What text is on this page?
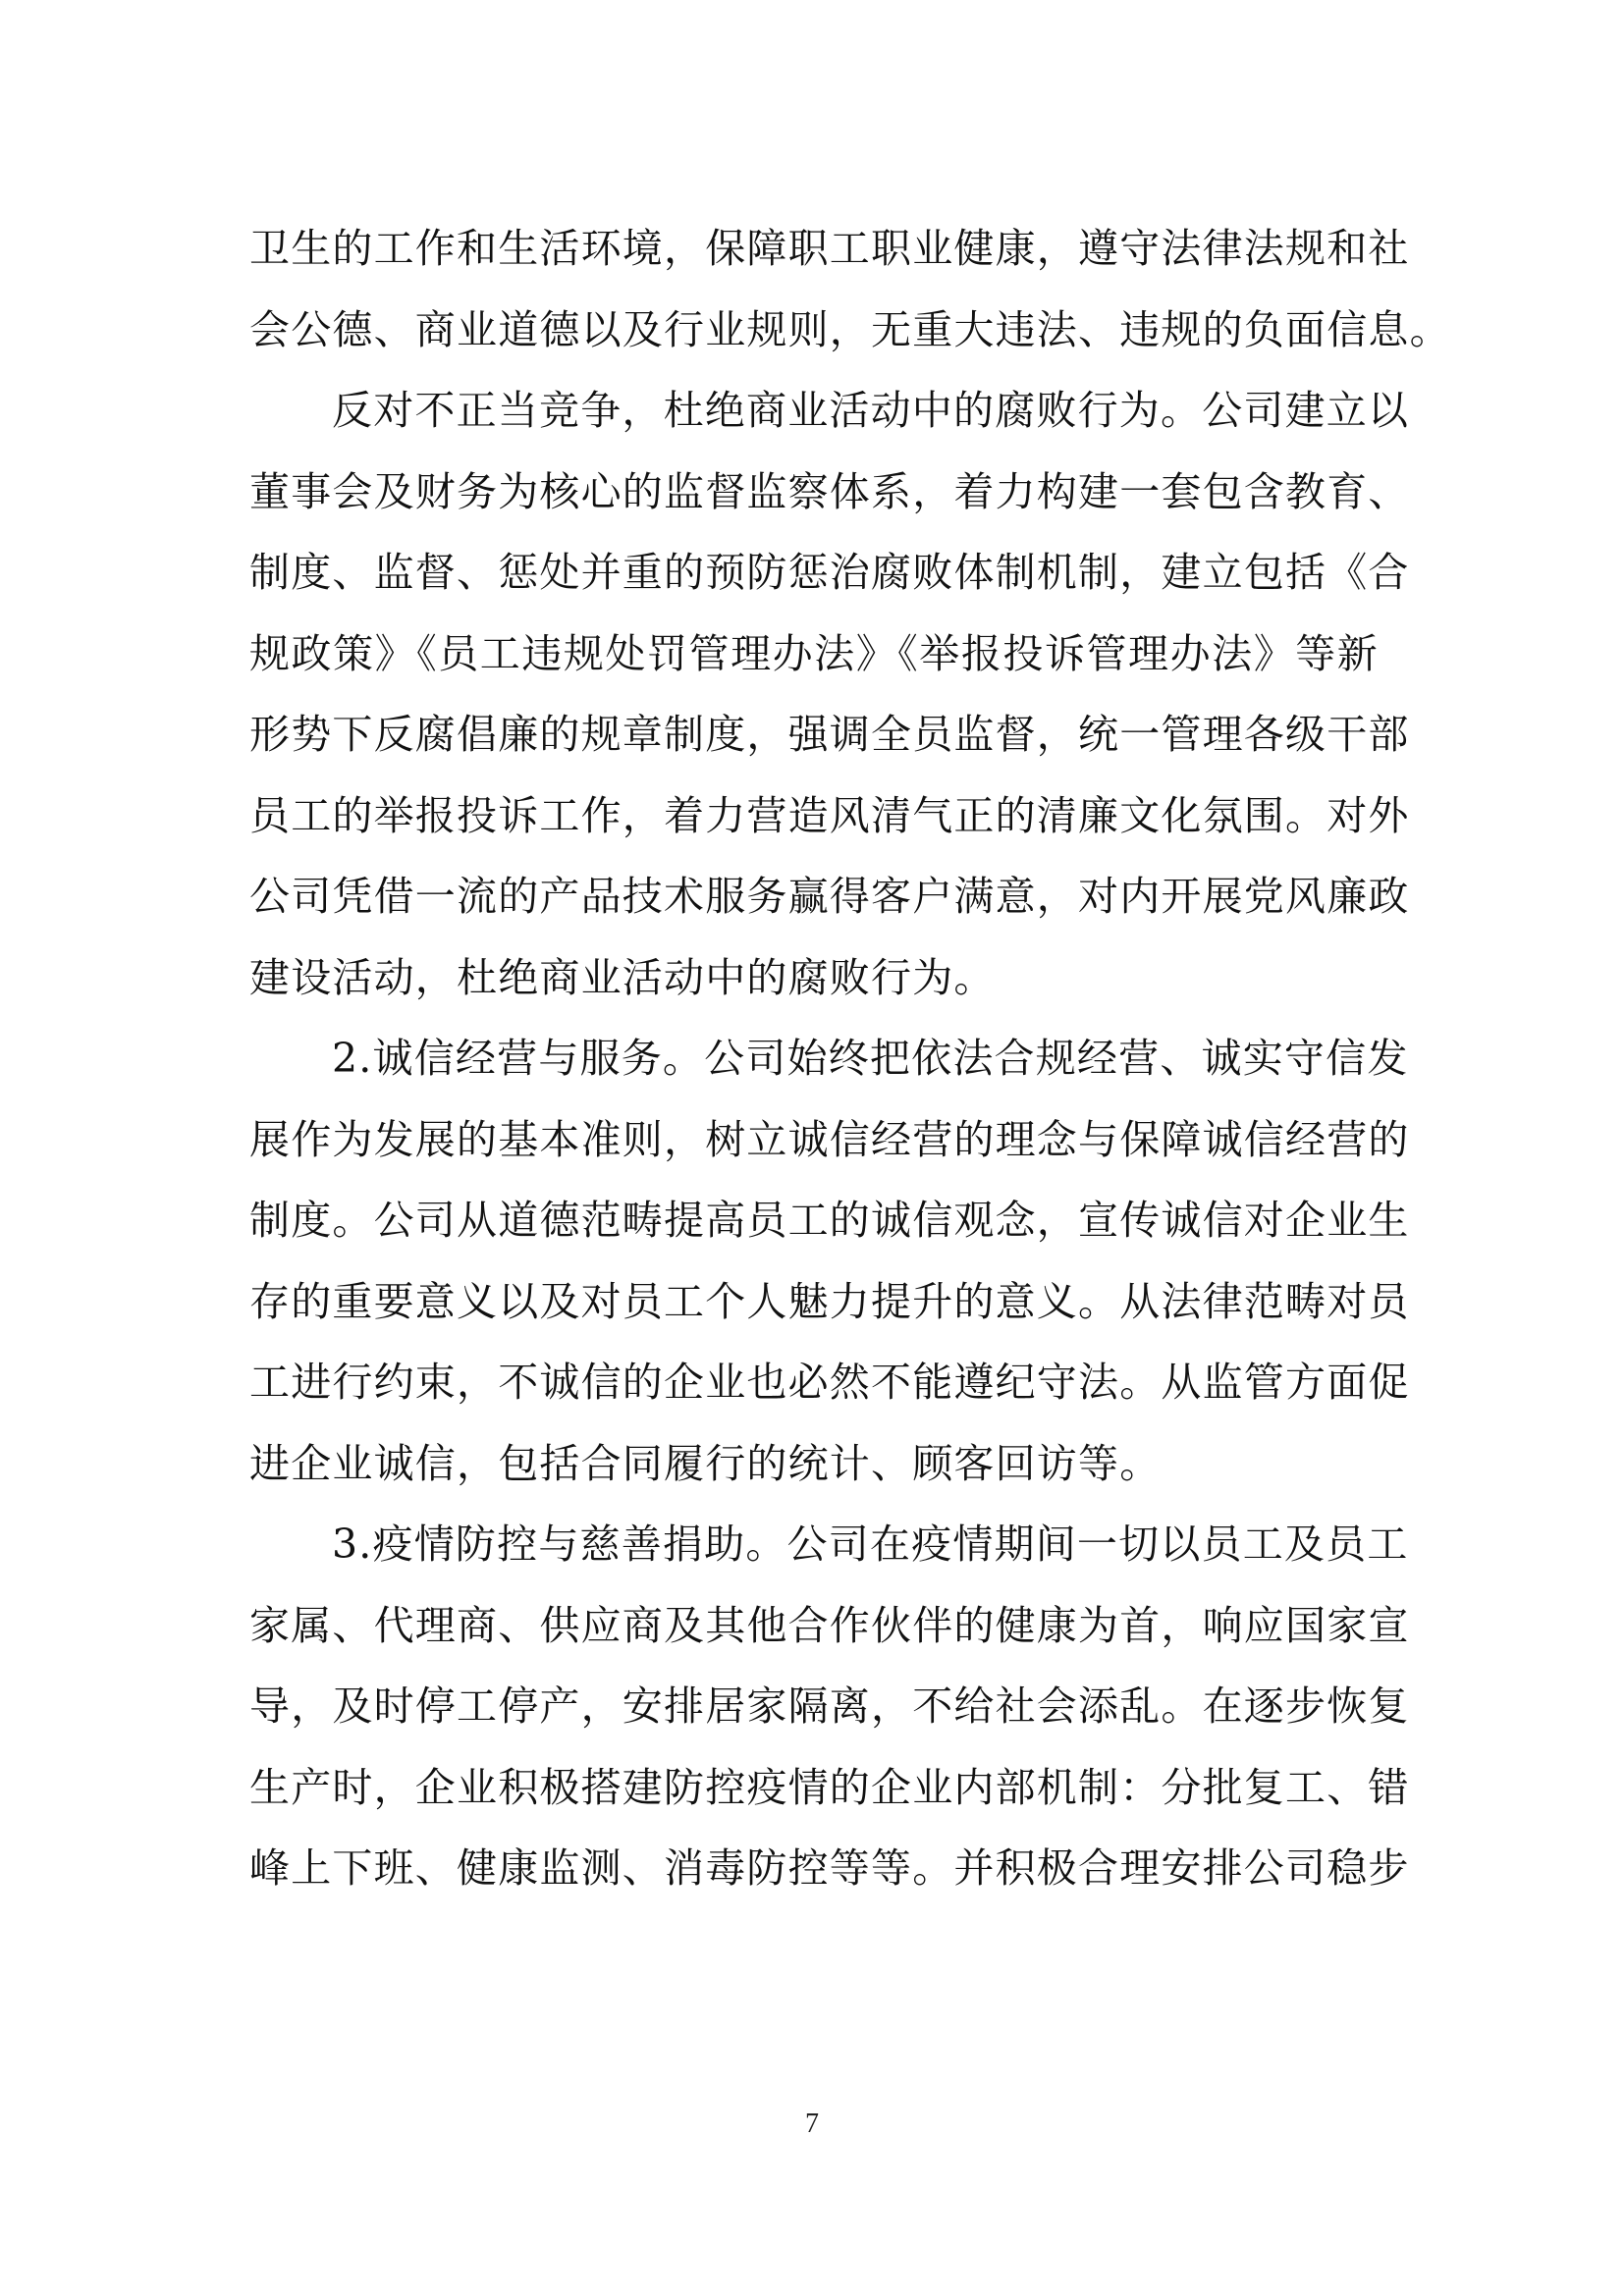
卫生的工作和生活环境，保障职工职业健康，遵守法律法规和社
会公德、商业道德以及行业规则，无重大违法、违规的负面信息。
反对不正当竞争，杜绝商业活动中的腐败行为。公司建立以
董事会及财务为核心的监督监察体系，着力构建一套包含教育、
制度、监督、惩处并重的预防惩治腐败体制机制，建立包括《合
规政策》《员工违规处罚管理办法》《举报投诉管理办法》等新
形势下反腐倡廉的规章制度，强调全员监督，统一管理各级干部
员工的举报投诉工作，着力营造风清气正的清廉文化氛围。对外
公司凭借一流的产品技术服务赢得客户满意，对内开展党风廉政
建设活动，杜绝商业活动中的腐败行为。
2.诚信经营与服务。公司始终把依法合规经营、诚实守信发
展作为发展的基本准则，树立诚信经营的理念与保障诚信经营的
制度。公司从道德范畴提高员工的诚信观念，宣传诚信对企业生
存的重要意义以及对员工个人魅力提升的意义。从法律范畴对员
工进行约束，不诚信的企业也必然不能遵纪守法。从监管方面促
进企业诚信，包括合同履行的统计、顾客回访等。
3.疫情防控与慈善捐助。公司在疫情期间一切以员工及员工
家属、代理商、供应商及其他合作伙伴的健康为首，响应国家宣
导，及时停工停产，安排居家隔离，不给社会添乱。在逐步恢复
生产时，企业积极搭建防控疫情的企业内部机制：分批复工、错
峰上下班、健康监测、消毒防控等等。并积极合理安排公司稳步
7
